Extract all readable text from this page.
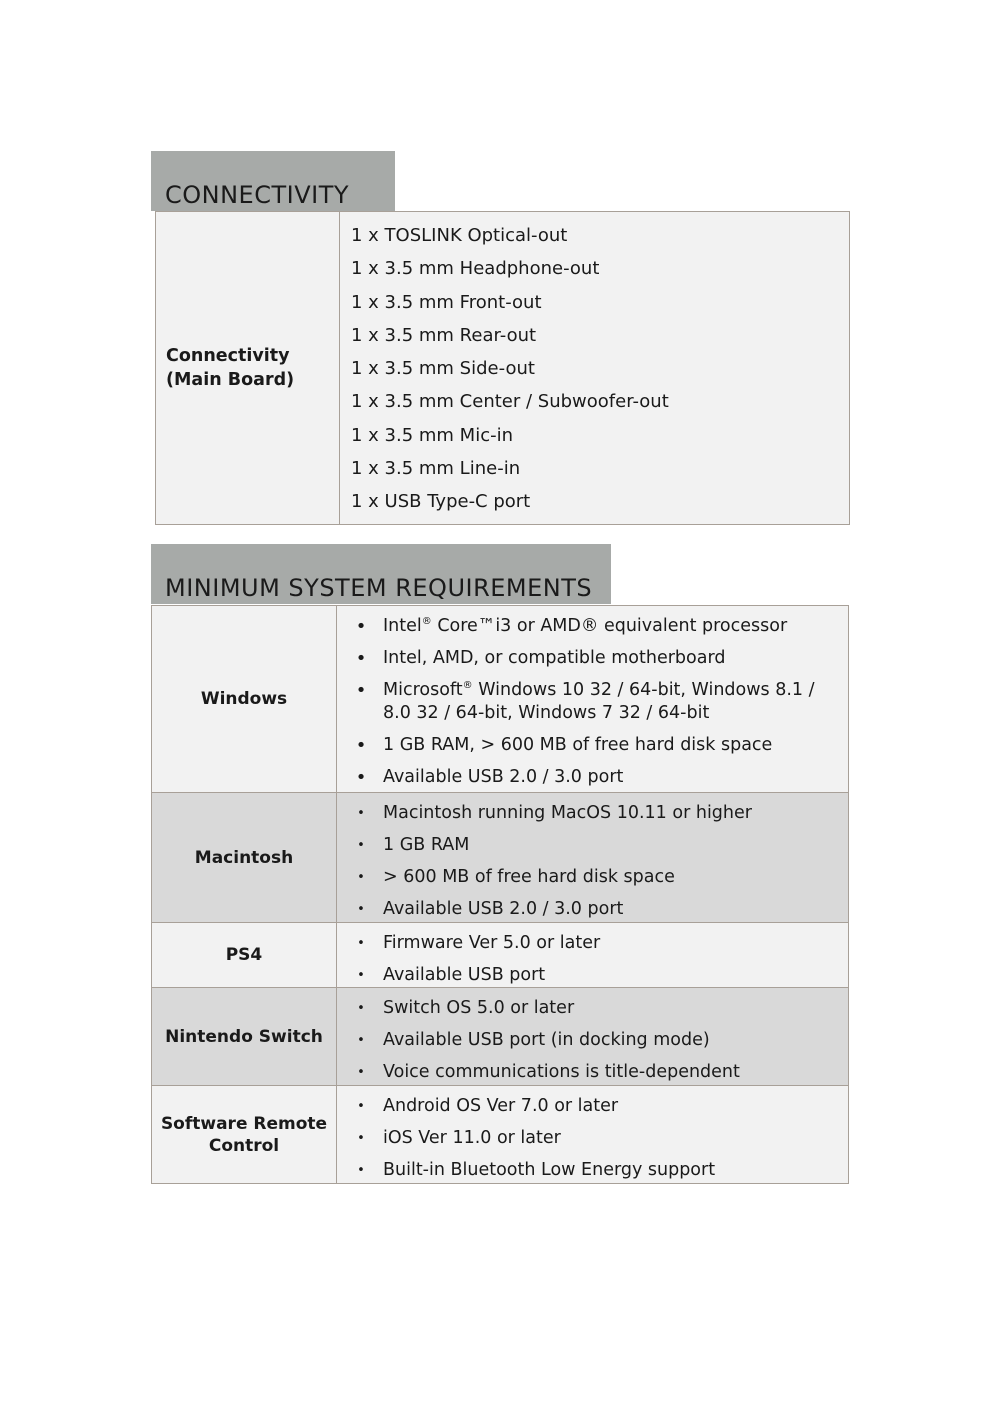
CONNECTIVITY
Connectivity
(Main Board)
1 x TOSLINK Optical-out
1 x 3.5 mm Headphone-out
1 x 3.5 mm Front-out
1 x 3.5 mm Rear-out
1 x 3.5 mm Side-out
1 x 3.5 mm Center / Subwoofer-out
1 x 3.5 mm Mic-in
1 x 3.5 mm Line-in
1 x USB Type-C port
MINIMUM SYSTEM REQUIREMENTS
Windows
• Intel® Core™i3 or AMD® equivalent processor
• Intel, AMD, or compatible motherboard
• Microsoft® Windows 10 32 / 64-bit, Windows 8.1 / 8.0 32 / 64-bit, Windows 7 32 / 64-bit
• 1 GB RAM, > 600 MB of free hard disk space
• Available USB 2.0 / 3.0 port
Macintosh
•	Macintosh running MacOS 10.11 or higher
•	1 GB RAM
•	> 600 MB of free hard disk space
•	Available USB 2.0 / 3.0 port
PS4
•	Firmware Ver 5.0 or later
•	Available USB port
Nintendo Switch
•	Switch OS 5.0 or later
•	Available USB port (in docking mode)
•	Voice communications is title-dependent
Software Remote Control
•	Android OS Ver 7.0 or later
•	iOS Ver 11.0 or later
•	Built-in Bluetooth Low Energy support
